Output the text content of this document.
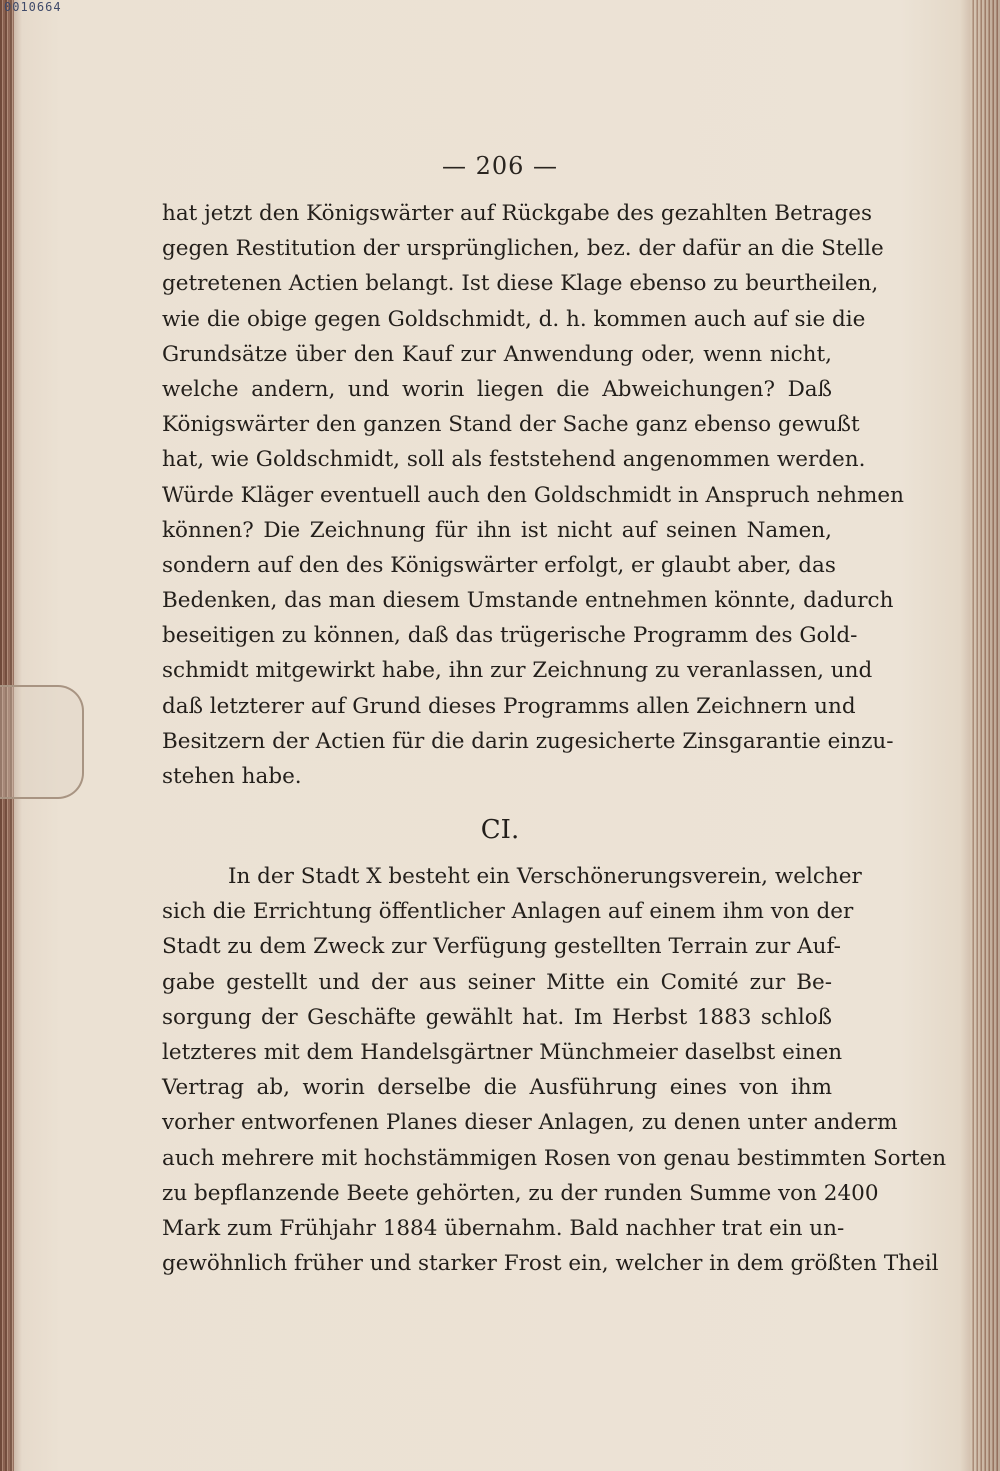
0010664
— 206 —
hat jetzt den Königswärter auf Rückgabe des gezahlten Betrages
gegen Restitution der ursprünglichen, bez. der dafür an die Stelle
getretenen Actien belangt. Ist diese Klage ebenso zu beurtheilen,
wie die obige gegen Goldschmidt, d. h. kommen auch auf sie die
Grundsätze über den Kauf zur Anwendung oder, wenn nicht,
welche andern, und worin liegen die Abweichungen? Daß
Königswärter den ganzen Stand der Sache ganz ebenso gewußt
hat, wie Goldschmidt, soll als feststehend angenommen werden.
Würde Kläger eventuell auch den Goldschmidt in Anspruch nehmen
können? Die Zeichnung für ihn ist nicht auf seinen Namen,
sondern auf den des Königswärter erfolgt, er glaubt aber, das
Bedenken, das man diesem Umstande entnehmen könnte, dadurch
beseitigen zu können, daß das trügerische Programm des Gold-
schmidt mitgewirkt habe, ihn zur Zeichnung zu veranlassen, und
daß letzterer auf Grund dieses Programms allen Zeichnern und
Besitzern der Actien für die darin zugesicherte Zinsgarantie einzu-
stehen habe.
CI.
In der Stadt X besteht ein Verschönerungsverein, welcher
sich die Errichtung öffentlicher Anlagen auf einem ihm von der
Stadt zu dem Zweck zur Verfügung gestellten Terrain zur Auf-
gabe gestellt und der aus seiner Mitte ein Comité zur Be-
sorgung der Geschäfte gewählt hat. Im Herbst 1883 schloß
letzteres mit dem Handelsgärtner Münchmeier daselbst einen
Vertrag ab, worin derselbe die Ausführung eines von ihm
vorher entworfenen Planes dieser Anlagen, zu denen unter anderm
auch mehrere mit hochstämmigen Rosen von genau bestimmten Sorten
zu bepflanzende Beete gehörten, zu der runden Summe von 2400
Mark zum Frühjahr 1884 übernahm. Bald nachher trat ein un-
gewöhnlich früher und starker Frost ein, welcher in dem größten Theil
